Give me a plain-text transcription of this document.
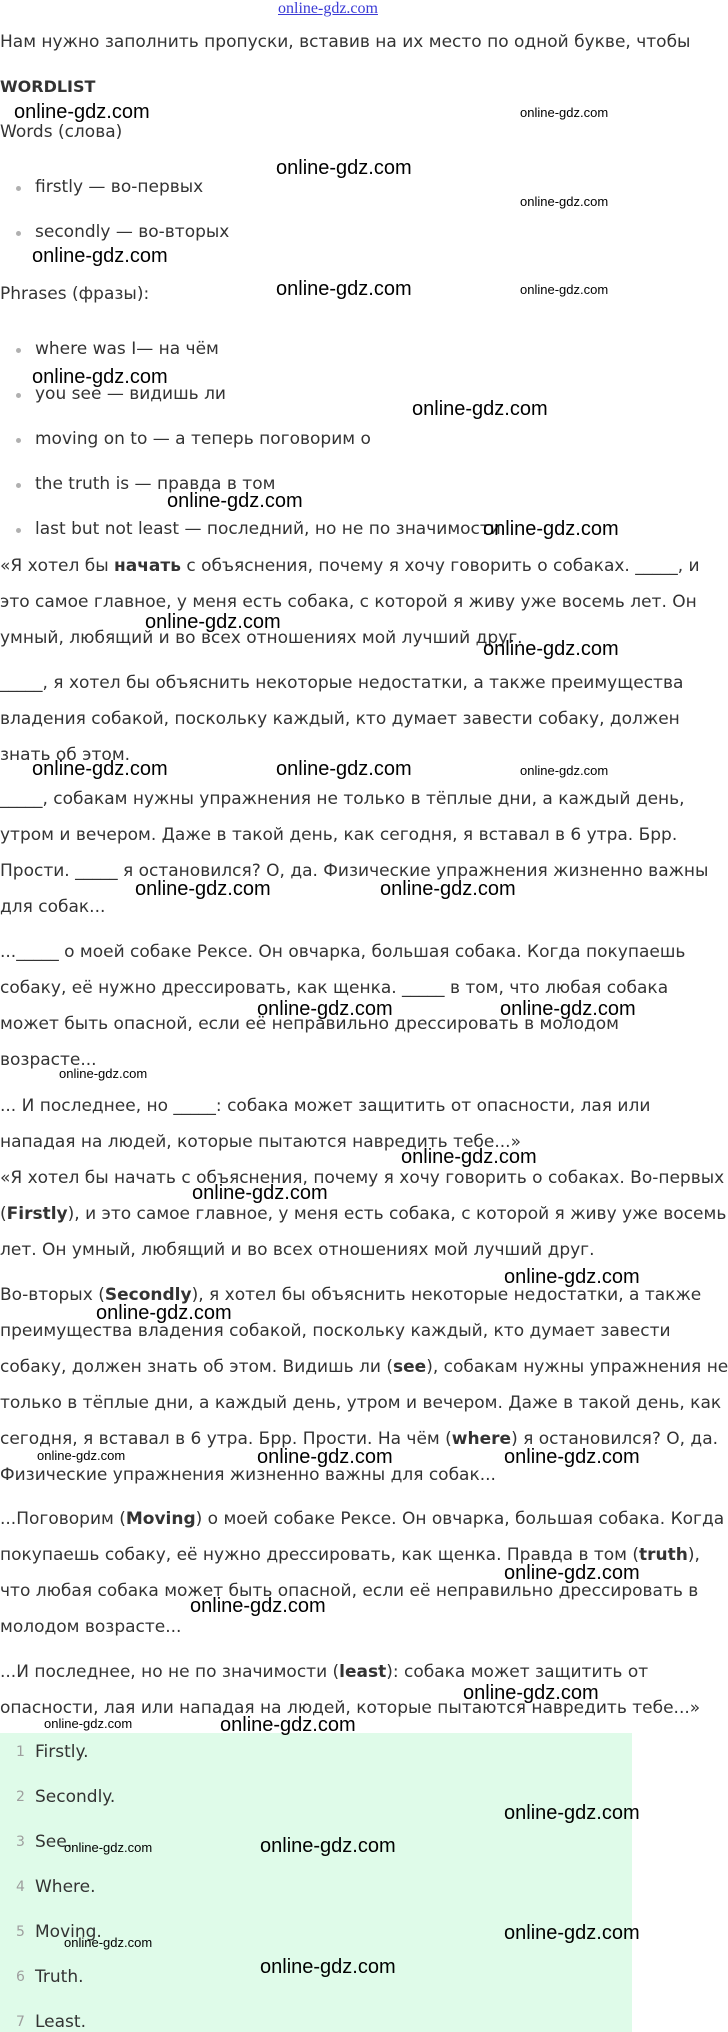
online-gdz.com
Нам нужно заполнить пропуски, вставив на их место по одной букве, чтобы
WORDLIST
Words (слова)
firstly — во-первых
secondly — во-вторых
Phrases (фразы):
where was I— на чём
you see — видишь ли
moving on to — а теперь поговорим о
the truth is — правда в том
last but not least — последний, но не по значимости
«Я хотел бы начать с объяснения, почему я хочу говорить о собаках. _____, и
это самое главное, у меня есть собака, с которой я живу уже восемь лет. Он
умный, любящий и во всех отношениях мой лучший друг.
_____, я хотел бы объяснить некоторые недостатки, а также преимущества
владения собакой, поскольку каждый, кто думает завести собаку, должен
знать об этом.
_____, собакам нужны упражнения не только в тёплые дни, а каждый день,
утром и вечером. Даже в такой день, как сегодня, я вставал в 6 утра. Брр.
Прости. _____ я остановился? О, да. Физические упражнения жизненно важны
для собак...
..._____ о моей собаке Рексе. Он овчарка, большая собака. Когда покупаешь
собаку, её нужно дрессировать, как щенка. _____ в том, что любая собака
может быть опасной, если её неправильно дрессировать в молодом
возрасте...
... И последнее, но _____: собака может защитить от опасности, лая или
нападая на людей, которые пытаются навредить тебе...»
«Я хотел бы начать с объяснения, почему я хочу говорить о собаках. Во-первых
(Firstly), и это самое главное, у меня есть собака, с которой я живу уже восемь
лет. Он умный, любящий и во всех отношениях мой лучший друг.
Во-вторых (Secondly), я хотел бы объяснить некоторые недостатки, а также
преимущества владения собакой, поскольку каждый, кто думает завести
собаку, должен знать об этом. Видишь ли (see), собакам нужны упражнения не
только в тёплые дни, а каждый день, утром и вечером. Даже в такой день, как
сегодня, я вставал в 6 утра. Брр. Прости. На чём (where) я остановился? О, да.
Физические упражнения жизненно важны для собак...
...Поговорим (Moving) о моей собаке Рексе. Он овчарка, большая собака. Когда
покупаешь собаку, её нужно дрессировать, как щенка. Правда в том (truth),
что любая собака может быть опасной, если её неправильно дрессировать в
молодом возрасте...
...И последнее, но не по значимости (least): собака может защитить от
опасности, лая или нападая на людей, которые пытаются навредить тебе...»
1 Firstly.
2 Secondly.
3 See.
4 Where.
5 Moving.
6 Truth.
7 Least.
online-gdz.com	online-gdz.com
online-gdz.com
online-gdz.com
online-gdz.com
online-gdz.com	online-gdz.com
online-gdz.com
online-gdz.com
online-gdz.com
online-gdz.com
online-gdz.com
online-gdz.com
online-gdz.com	online-gdz.com	online-gdz.com
online-gdz.com	online-gdz.com
online-gdz.com	online-gdz.com
online-gdz.com
online-gdz.com
online-gdz.com
online-gdz.com
online-gdz.com
online-gdz.com	online-gdz.com	online-gdz.com
online-gdz.com
online-gdz.com
online-gdz.com
online-gdz.com	online-gdz.com
online-gdz.com
online-gdz.com	online-gdz.com
online-gdz.com	online-gdz.com
online-gdz.com
